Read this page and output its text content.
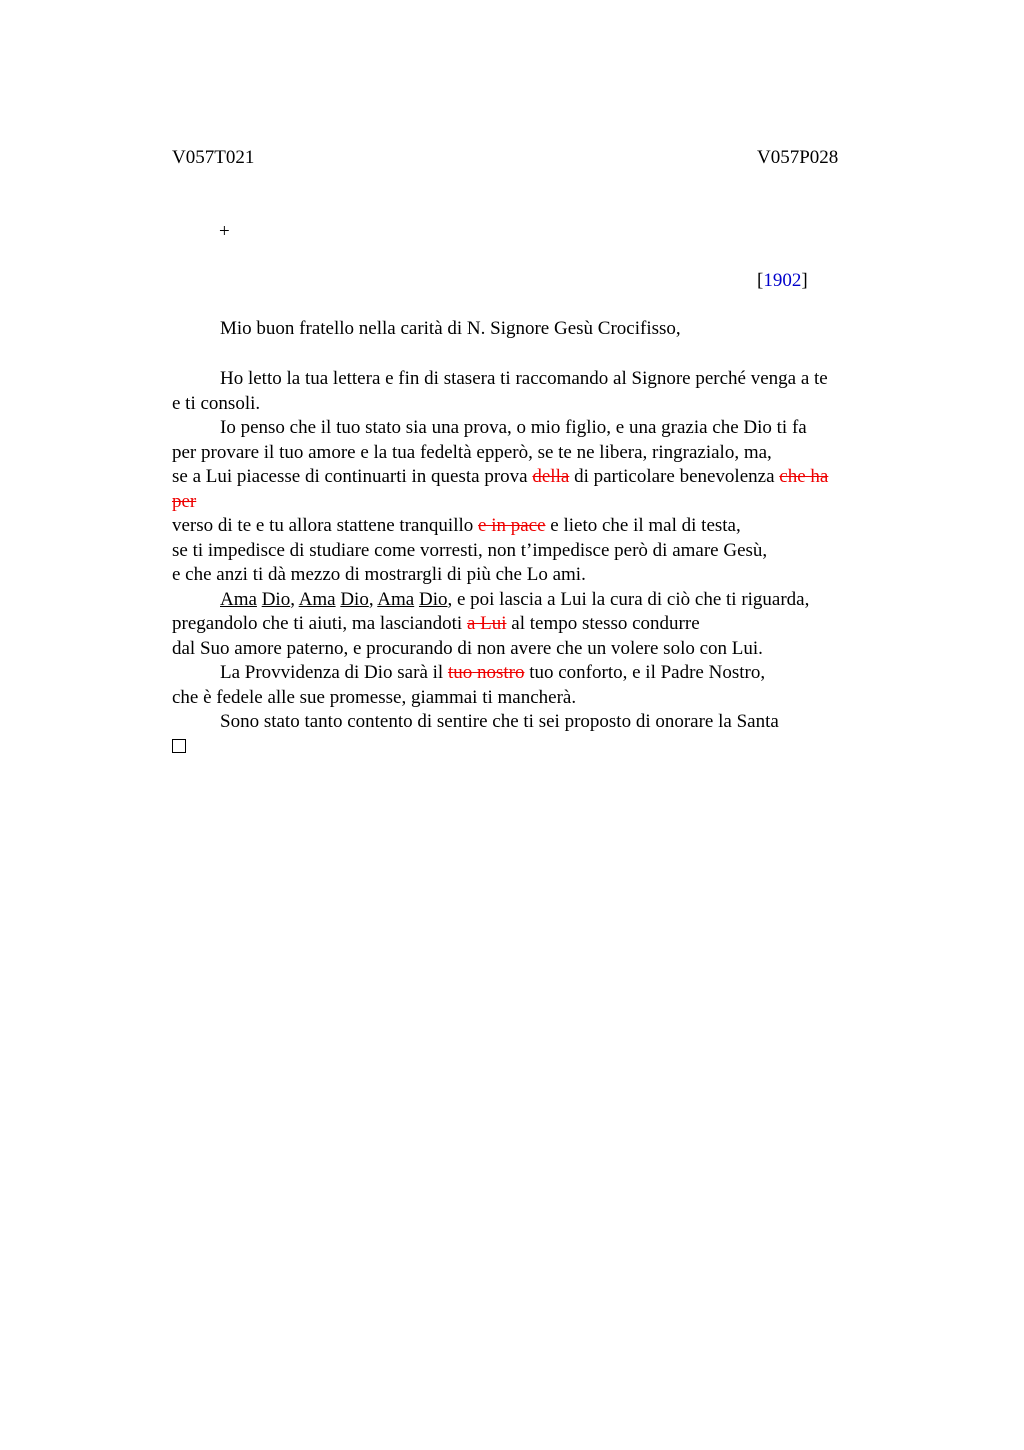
V057T021	V057P028
+
[1902]
Mio buon fratello nella carità di N. Signore Gesù Crocifisso,
Ho letto la tua lettera e fin di stasera ti raccomando al Signore perché venga a te
e ti consoli.
Io penso che il tuo stato sia una prova, o mio figlio, e una grazia che Dio ti fa
per provare il tuo amore e la tua fedeltà epperò, se te ne libera, ringrazialo, ma,
se a Lui piacesse di continuarti in questa prova della di particolare benevolenza che ha
per
verso di te e tu allora stattene tranquillo e in pace e lieto che il mal di testa,
se ti impedisce di studiare come vorresti, non t’impedisce però di amare Gesù,
e che anzi ti dà mezzo di mostrargli di più che Lo ami.
Ama Dio, Ama Dio, Ama Dio, e poi lascia a Lui la cura di ciò che ti riguarda,
pregandolo che ti aiuti, ma lasciandoti a Lui al tempo stesso condurre
dal Suo amore paterno, e procurando di non avere che un volere solo con Lui.
La Provvidenza di Dio sarà il tuo nostro tuo conforto, e il Padre Nostro,
che è fedele alle sue promesse, giammai ti mancherà.
Sono stato tanto contento di sentire che ti sei proposto di onorare la Santa
